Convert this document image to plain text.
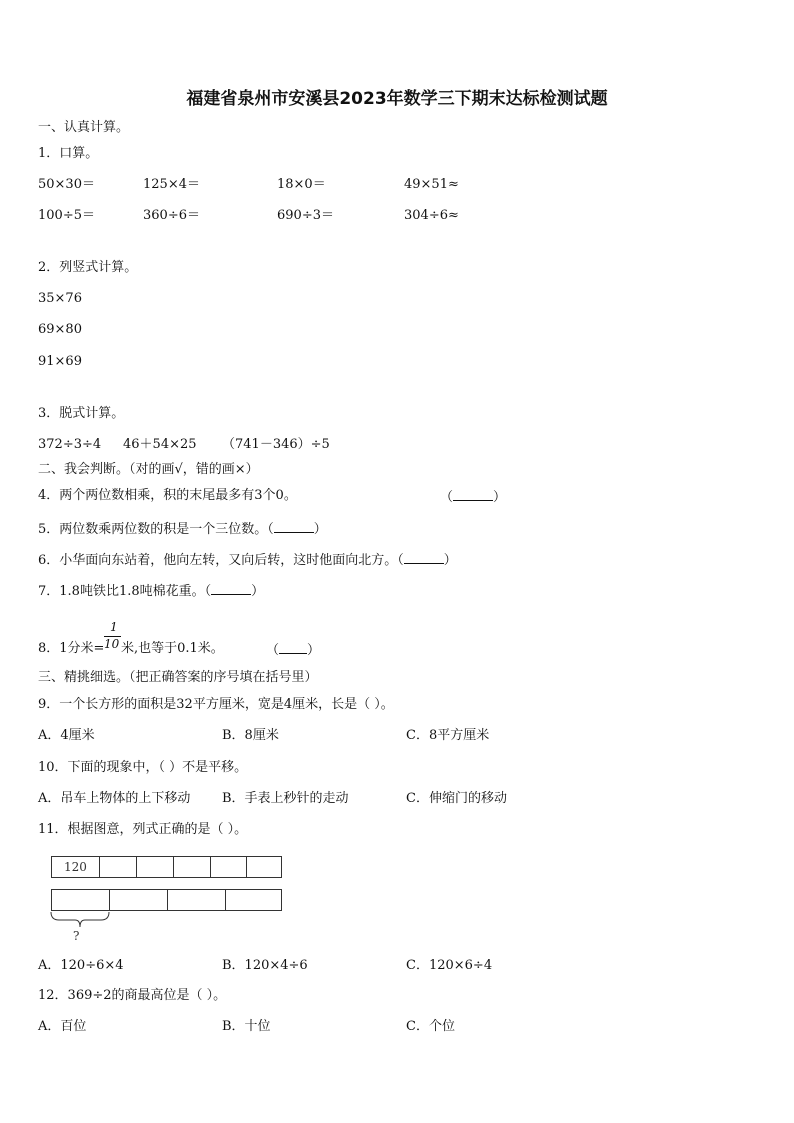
福建省泉州市安溪县2023年数学三下期末达标检测试题
一、认真计算。
1．口算。
50×30＝	125×4＝	18×0＝	49×51≈
100÷5＝	360÷6＝	690÷3＝	304÷6≈
2．列竖式计算。
35×76
69×80
91×69
3．脱式计算。
372÷3÷4 46＋54×25 （741－346）÷5
二、我会判断。（对的画√，错的画×）
4．两个两位数相乘，积的末尾最多有3个0。	（	）
5．两位数乘两位数的积是一个三位数。（	）
6．小华面向东站着，他向左转，又向后转，这时他面向北方。（	）
7．1.8吨铁比1.8吨棉花重。（	）
8．1分米=
1
10 米,也等于0.1米。	（ ）
三、精挑细选。（把正确答案的序号填在括号里）
9．一个长方形的面积是32平方厘米，宽是4厘米，长是（ ）。
A．4厘米	B．8厘米	C．8平方厘米
10．下面的现象中，（ ）不是平移。
A．吊车上物体的上下移动 B．手表上秒针的走动	C．伸缩门的移动
11．根据图意，列式正确的是（ ）。
120
?
A．120÷6×4	B．120×4÷6	C．120×6÷4
12．369÷2的商最高位是（ ）。
A．百位	B．十位	C．个位
